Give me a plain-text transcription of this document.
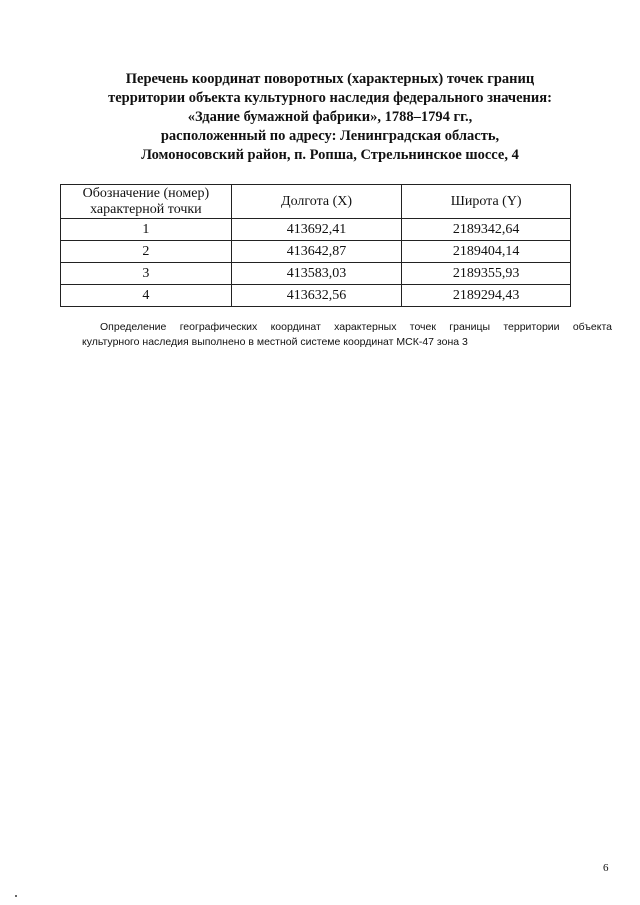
Перечень координат поворотных (характерных) точек границ
территории объекта культурного наследия федерального значения:
«Здание бумажной фабрики», 1788–1794 гг.,
расположенный по адресу: Ленинградская область,
Ломоносовский район, п. Ропша, Стрельнинское шоссе, 4
Обозначение (номер)
характерной точки	Долгота (X)	Широта (Y)
1	413692,41	2189342,64
2	413642,87	2189404,14
3	413583,03	2189355,93
4	413632,56	2189294,43
Определение географических координат характерных точек границы территории объекта
культурного наследия выполнено в местной системе координат МСК-47 зона 3
6
